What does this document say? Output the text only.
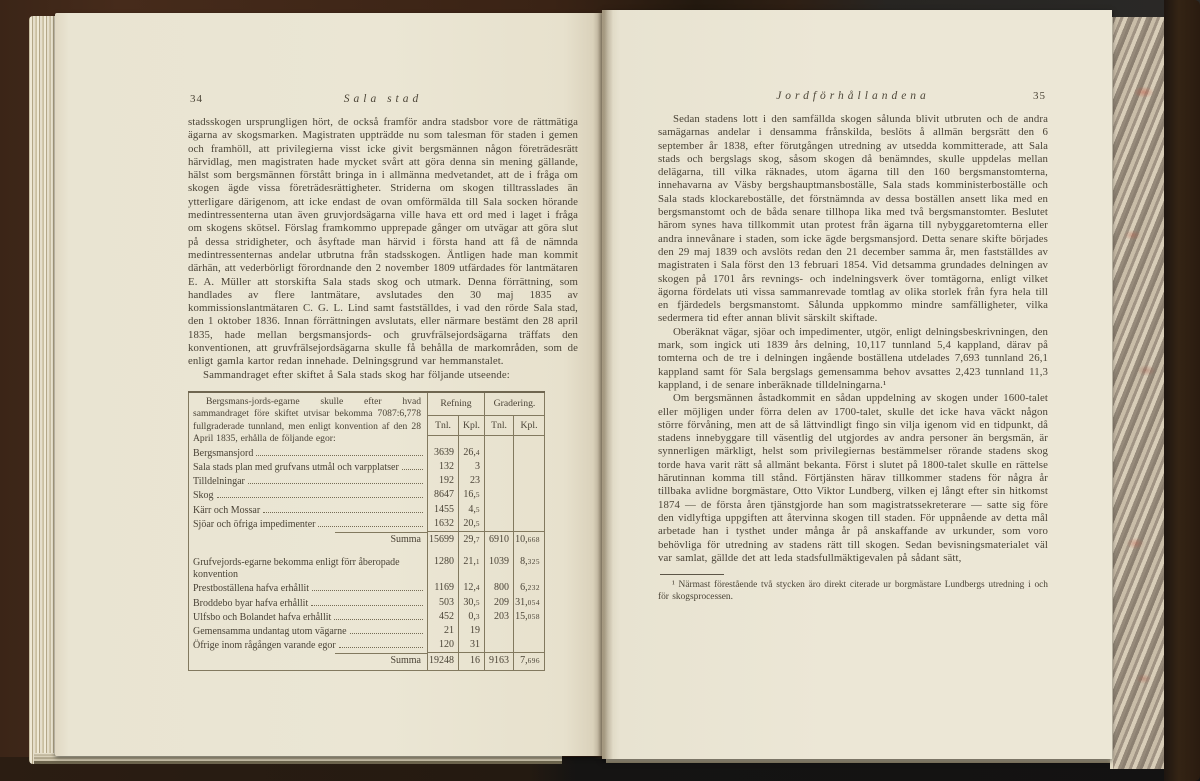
34	Sala stad

stadsskogen ursprungligen hört, de också framför andra stadsbor vore de rättmätiga ägarna av skogsmarken. Magistraten uppträdde nu som talesman för staden i gemen och framhöll, att privilegierna visst icke givit bergsmännen någon företrädesrätt härvidlag, men magistraten hade mycket svårt att göra denna sin mening gällande, hälst som bergsmännen förstått bringa in i allmänna medvetandet, att de i fråga om skogen ägde vissa företrädesrättigheter. Striderna om skogen tilltrasslades än ytterligare därigenom, att icke endast de ovan omförmälda till Sala socken hörande medintressenterna utan även gruvjordsägarna ville hava ett ord med i laget i fråga om skogens skötsel. Förslag framkommo upprepade gånger om utvägar att göra slut på dessa stridigheter, och åsyftade man härvid i första hand att få de nämnda medintressenternas andelar utbrutna från stadsskogen. Äntligen hade man kommit därhän, att vederbörligt förordnande den 2 november 1809 utfärdades för lantmätaren E. A. Müller att storskifta Sala stads skog och utmark. Denna förrättning, som handlades av flere lantmätare, avslutades den 30 maj 1835 av kommissionslantmätaren C. G. L. Lind samt fastställdes, i vad den rörde Sala stad, den 1 oktober 1836. Innan förrättningen avslutats, eller närmare bestämt den 28 april 1835, hade mellan bergsmansjords- och gruvfrälsejordsägarna träffats den konventionen, att gruvfrälsejordsägarna skulle få behålla de markområden, som de enligt gamla kartor redan innehade. Delningsgrund var hemmanstalet.

Sammandraget efter skiftet å Sala stads skog har följande utseende:

Bergsmans-jords-egarne skulle efter hvad sammandraget före skiftet utvisar bekomma 7087:6,778 fullgraderade tunnland, men enligt konvention af den 28 April 1835, erhålla de följande egor:	Refning		Gradering.	
	Tnl.	Kpl.	Tnl.	Kpl.

Bergsmansjord	3639	26,4		

Sala stads plan med grufvans utmål och varpplatser	132	3		

Tilldelningar	192	23		

Skog	8647	16,5		

Kärr och Mossar	1455	4,5		

Sjöar och öfriga impedimenter	1632	20,5		
Summa	15699	29,7	6910	10,668

Grufvejords-egarne bekomma enligt förr åberopade konvention	1280	21,1	1039	8,325

Prestboställena hafva erhållit	1169	12,4	800	6,232

Broddebo byar hafva erhållit	503	30,5	209	31,054

Ulfsbo och Bolandet hafva erhållit	452	0,3	203	15,058

Gemensamma undantag utom vägarne	21	19		

Öfrige inom rågången varande egor	120	31		
Summa	19248	16	9163	7,696
Jordförhållandena	35

Sedan stadens lott i den samfällda skogen sålunda blivit utbruten och de andra samägarnas andelar i densamma frånskilda, beslöts å allmän bergsrätt den 6 september år 1838, efter förutgången utredning av utsedda kommitterade, att Sala stads och bergslags skog, såsom skogen då benämndes, skulle uppdelas mellan delägarna, till vilka räknades, utom ägarna till den 160 bergsmanstomterna, innehavarna av Väsby bergshauptmansboställe, Sala stads komministerboställe och Sala stads klockareboställe, det förstnämnda av dessa boställen ansett lika med en bergsmanstomt och de båda senare tillhopa lika med två bergsmanstomter. Beslutet härom synes hava tillkommit utan protest från ägarna till nybyggaretomterna eller andra innevånare i staden, som icke ägde bergsmansjord. Detta senare skifte börjades den 29 maj 1839 och avslöts redan den 21 december samma år, men fastställdes av magistraten i Sala först den 13 februari 1854. Vid detsamma grundades delningen av skogen på 1701 års revnings- och indelningsverk över tomtägorna, enligt vilket ägorna fördelats uti vissa sammanrevade tomtlag av olika storlek från fyra hela till en fjärdedels bergsmanstomt. Sålunda uppkommo mindre samfälligheter, vilka sedermera tid efter annan blivit särskilt skiftade.

Oberäknat vägar, sjöar och impedimenter, utgör, enligt delningsbeskrivningen, den mark, som ingick uti 1839 års delning, 10,117 tunnland 5,4 kappland, därav på tomterna och de tre i delningen ingående boställena utdelades 7,693 tunnland 26,1 kappland samt för Sala bergslags gemensamma behov avsattes 2,423 tunnland 11,3 kappland, i de senare inberäknade tilldelningarna.¹

Om bergsmännen åstadkommit en sådan uppdelning av skogen under 1600-talet eller möjligen under förra delen av 1700-talet, skulle det icke hava väckt någon större förvåning, men att de så lättvindligt fingo sin vilja igenom vid en tidpunkt, då stadens innebyggare till väsentlig del utgjordes av andra personer än bergsmän, är synnerligen märkligt, helst som privilegiernas bestämmelser rörande stadens skog torde hava varit rätt så allmänt bekanta. Först i slutet på 1800-talet skulle en rättelse härutinnan komma till stånd. Förtjänsten härav tillkommer stadens för några år tillbaka avlidne borgmästare, Otto Viktor Lundberg, vilken ej långt efter sin hitkomst 1874 — de första åren tjänstgjorde han som magistratssekreterare — satte sig före den vidlyftiga uppgiften att återvinna skogen till staden. För uppnående av detta mål arbetade han i tysthet under många år på anskaffande av urkunder, som voro behövliga för utredning av stadens rätt till skogen. Sedan bevisningsmaterialet väl var samlat, gällde det att leda stadsfullmäktigevalen på sådant sätt,

¹ Närmast förestående två stycken äro direkt citerade ur borgmästare Lundbergs utredning i och för skogsprocessen.
